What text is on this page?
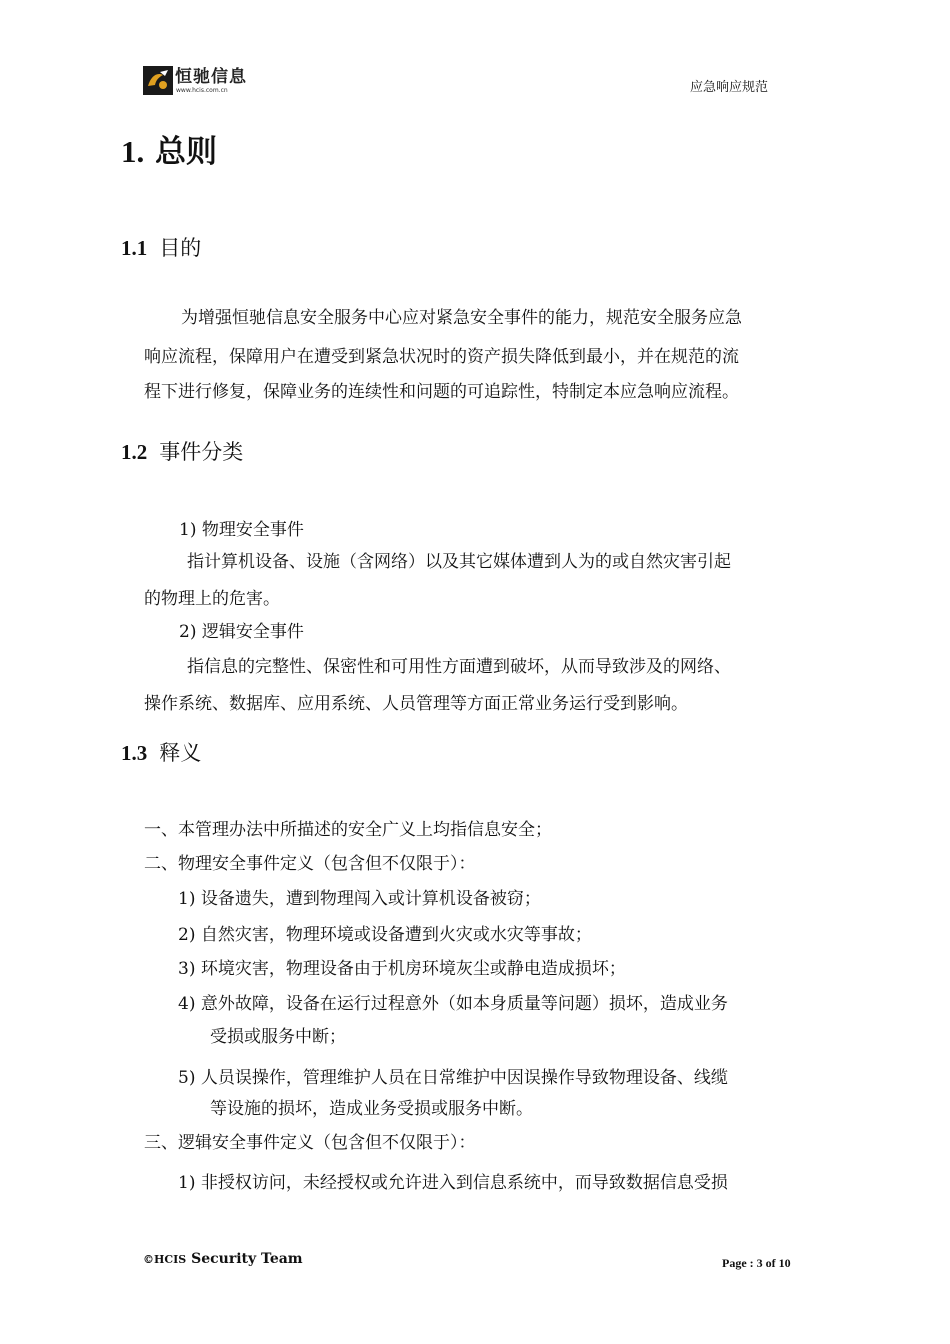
恒驰信息
www.hcis.com.cn	应急响应规范
1. 总则
1.1 目的
为增强恒驰信息安全服务中心应对紧急安全事件的能力，规范安全服务应急
响应流程，保障用户在遭受到紧急状况时的资产损失降低到最小，并在规范的流
程下进行修复，保障业务的连续性和问题的可追踪性，特制定本应急响应流程。
1.2 事件分类
1) 物理安全事件
指计算机设备、设施（含网络）以及其它媒体遭到人为的或自然灾害引起
的物理上的危害。
2) 逻辑安全事件
指信息的完整性、保密性和可用性方面遭到破坏，从而导致涉及的网络、
操作系统、数据库、应用系统、人员管理等方面正常业务运行受到影响。
1.3 释义
一、本管理办法中所描述的安全广义上均指信息安全；
二、物理安全事件定义（包含但不仅限于）：
1) 设备遗失，遭到物理闯入或计算机设备被窃；
2) 自然灾害，物理环境或设备遭到火灾或水灾等事故；
3) 环境灾害，物理设备由于机房环境灰尘或静电造成损坏；
4) 意外故障，设备在运行过程意外（如本身质量等问题）损坏，造成业务
受损或服务中断；
5) 人员误操作，管理维护人员在日常维护中因误操作导致物理设备、线缆
等设施的损坏，造成业务受损或服务中断。
三、逻辑安全事件定义（包含但不仅限于）：
1) 非授权访问，未经授权或允许进入到信息系统中，而导致数据信息受损
©HCIS Security Team	Page : 3 of 10
